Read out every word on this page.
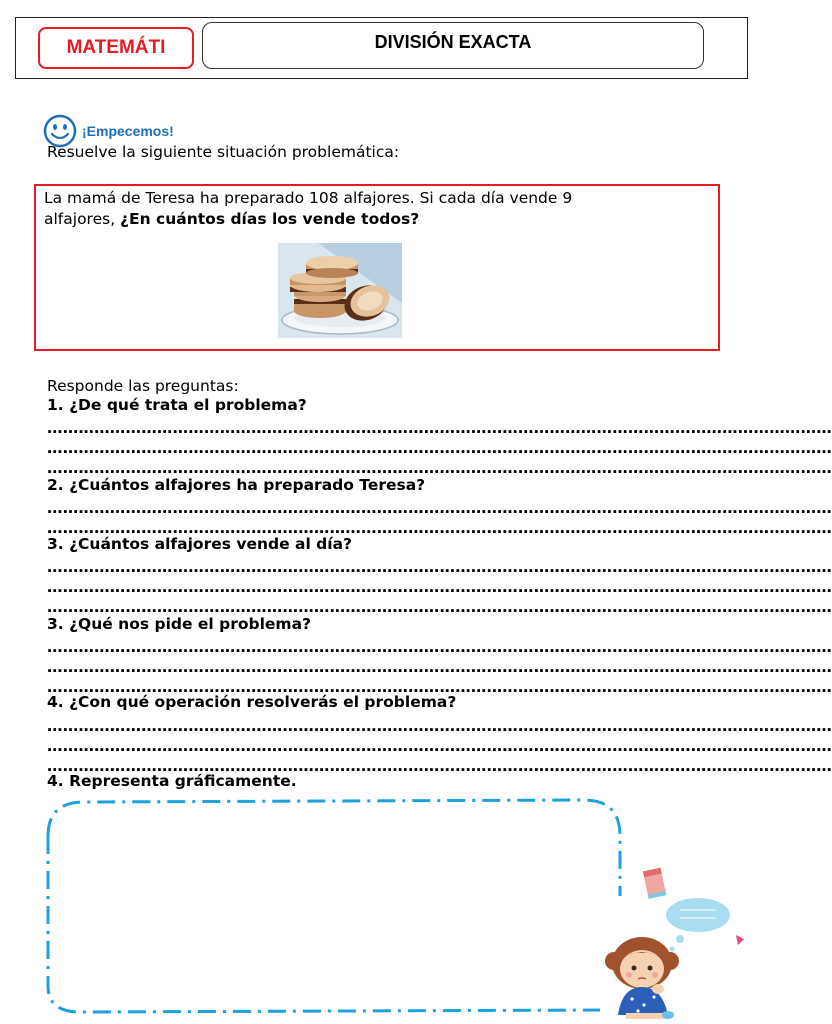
MATEMÁTI	DIVISIÓN EXACTA
¡Empecemos!
Resuelve la siguiente situación problemática:
La mamá de Teresa ha preparado 108 alfajores. Si cada día vende 9
alfajores, ¿En cuántos días los vende todos?
Responde las preguntas:
1. ¿De qué trata el problema?
……………………………………………………………………………………………………………………………………
……………………………………………………………………………………………………………………………………
……………………………………………………………………………………………………………………………………
2. ¿Cuántos alfajores ha preparado Teresa?
……………………………………………………………………………………………………………………………………
……………………………………………………………………………………………………………………………………
3. ¿Cuántos alfajores vende al día?
……………………………………………………………………………………………………………………………………
……………………………………………………………………………………………………………………………………
……………………………………………………………………………………………………………………………………
3. ¿Qué nos pide el problema?
……………………………………………………………………………………………………………………………………
……………………………………………………………………………………………………………………………………
……………………………………………………………………………………………………………………………………
4. ¿Con qué operación resolverás el problema?
……………………………………………………………………………………………………………………………………
……………………………………………………………………………………………………………………………………
……………………………………………………………………………………………………………………………………
4. Representa gráficamente.
